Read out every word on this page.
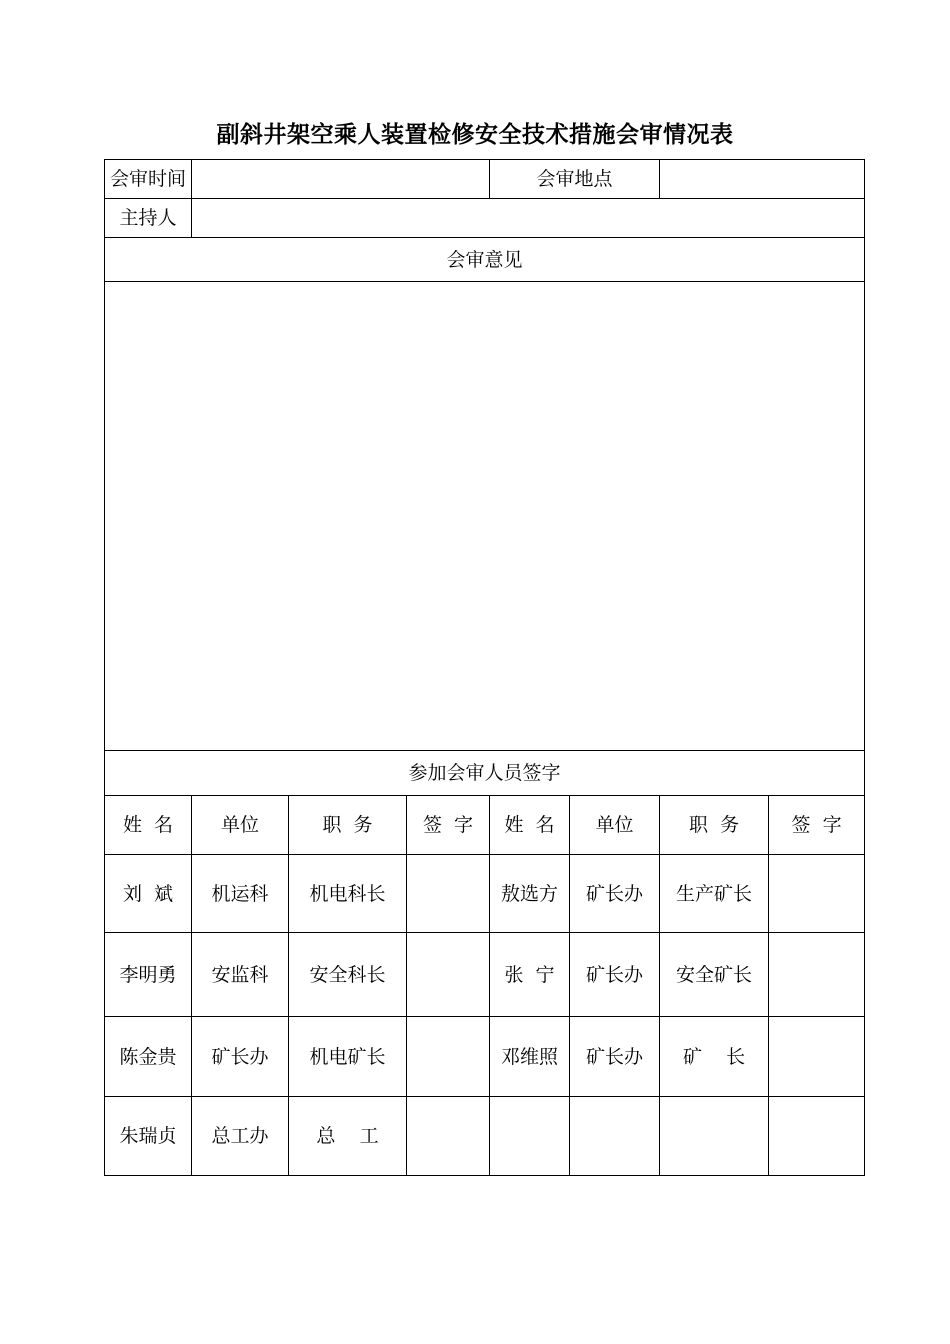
副斜井架空乘人装置检修安全技术措施会审情况表
会审时间				会审地点			
主持人							
会审意见							

参加会审人员签字							
姓  名	单位	职  务	签  字	姓  名	单位	职  务	签  字
刘  斌	机运科	机电科长		敖选方	矿长办	生产矿长	
李明勇	安监科	安全科长		张  宁	矿长办	安全矿长	
陈金贵	矿长办	机电矿长		邓维照	矿长办	矿    长	
朱瑞贞	总工办	总    工					
